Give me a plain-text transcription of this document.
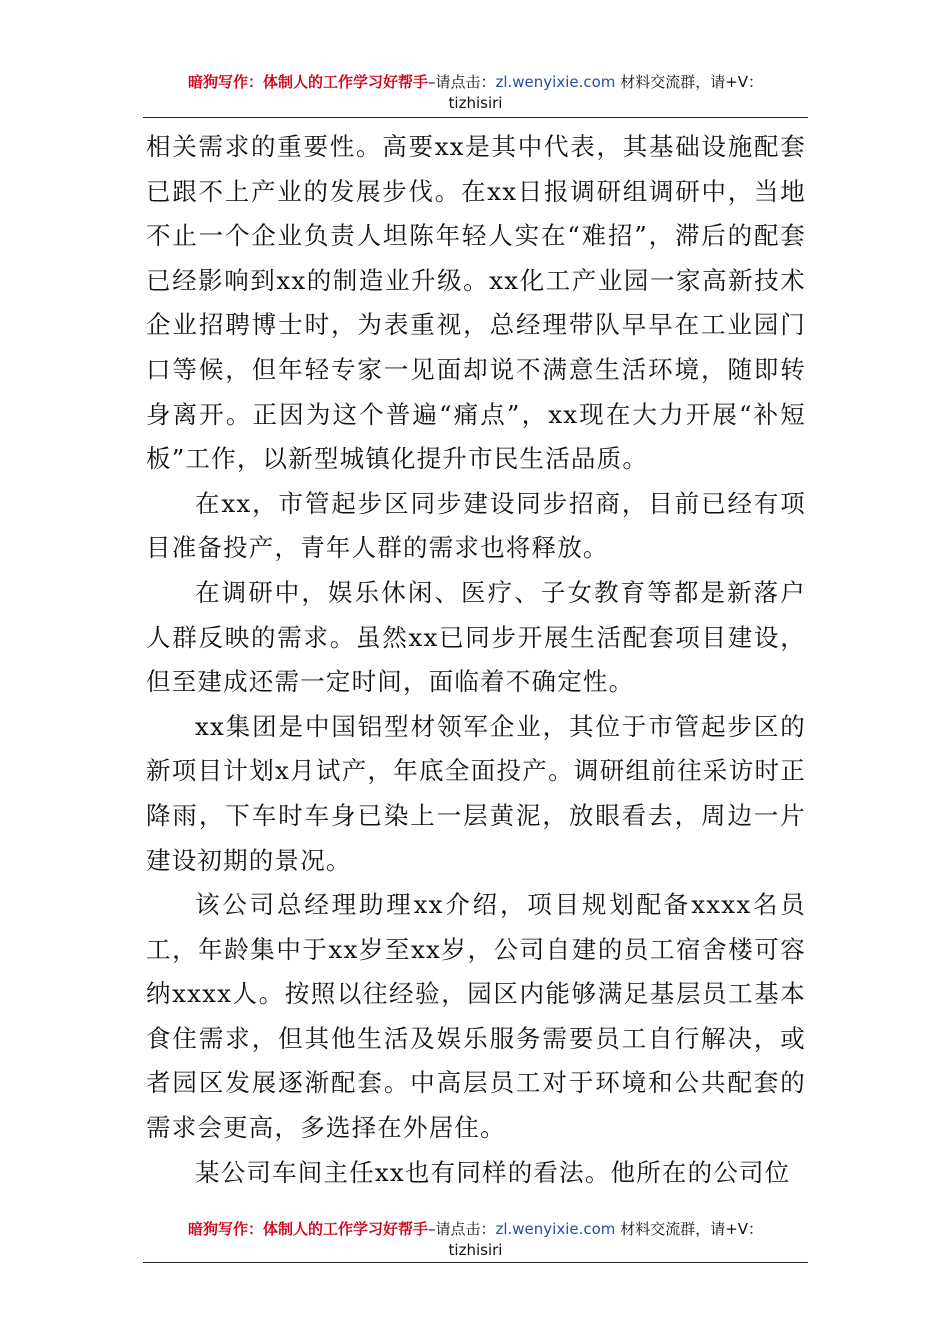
暗狗写作：体制人的工作学习好帮手–请点击：zl.wenyixie.com 材料交流群，请+V：
tizhisiri

相关需求的重要性。高要xx是其中代表，其基础设施配套已跟不上产业的发展步伐。在xx日报调研组调研中，当地不止一个企业负责人坦陈年轻人实在“难招”，滞后的配套已经影响到xx的制造业升级。xx化工产业园一家高新技术企业招聘博士时，为表重视，总经理带队早早在工业园门口等候，但年轻专家一见面却说不满意生活环境，随即转身离开。正因为这个普遍“痛点”，xx现在大力开展“补短板”工作，以新型城镇化提升市民生活品质。

在xx，市管起步区同步建设同步招商，目前已经有项目准备投产，青年人群的需求也将释放。

在调研中，娱乐休闲、医疗、子女教育等都是新落户人群反映的需求。虽然xx已同步开展生活配套项目建设，但至建成还需一定时间，面临着不确定性。

xx集团是中国铝型材领军企业，其位于市管起步区的新项目计划x月试产，年底全面投产。调研组前往采访时正降雨，下车时车身已染上一层黄泥，放眼看去，周边一片建设初期的景况。

该公司总经理助理xx介绍，项目规划配备xxxx名员工，年龄集中于xx岁至xx岁，公司自建的员工宿舍楼可容纳xxxx人。按照以往经验，园区内能够满足基层员工基本食住需求，但其他生活及娱乐服务需要员工自行解决，或者园区发展逐渐配套。中高层员工对于环境和公共配套的需求会更高，多选择在外居住。

某公司车间主任xx也有同样的看法。他所在的公司位

暗狗写作：体制人的工作学习好帮手–请点击：zl.wenyixie.com 材料交流群，请+V：
tizhisiri
